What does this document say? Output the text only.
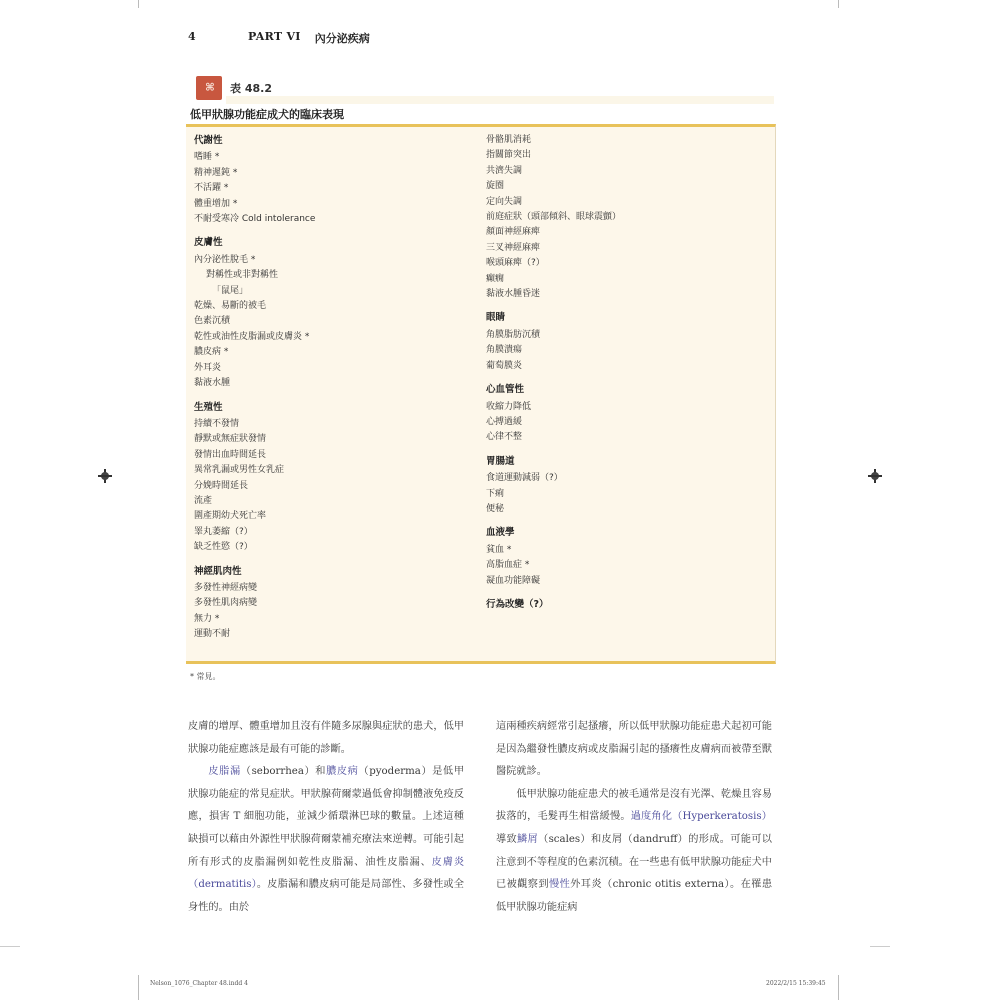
4	PART VI 內分泌疾病
⌘	表 48.2
低甲狀腺功能症成犬的臨床表現
代謝性
嗜睡 *
精神遲鈍 *
不活躍 *
體重增加 *
不耐受寒冷 Cold intolerance
皮膚性
內分泌性脫毛 *
對稱性或非對稱性
「鼠尾」
乾燥、易斷的被毛
色素沉積
乾性或油性皮脂漏或皮膚炎 *
膿皮病 *
外耳炎
黏液水腫
生殖性
持續不發情
靜默或無症狀發情
發情出血時間延長
異常乳漏或男性女乳症
分娩時間延長
流產
圍產期幼犬死亡率
睪丸萎縮（?）
缺乏性慾（?）
神經肌肉性
多發性神經病變
多發性肌肉病變
無力 *
運動不耐
骨骼肌消耗
指關節突出
共濟失調
旋圈
定向失調
前庭症狀（頭部傾斜、眼球震顫）
顏面神經麻痺
三叉神經麻痺
喉頭麻痺（?）
癲癇
黏液水腫昏迷
眼睛
角膜脂肪沉積
角膜潰瘍
葡萄膜炎
心血管性
收縮力降低
心搏過緩
心律不整
胃腸道
食道運動減弱（?）
下痢
便秘
血液學
貧血 *
高脂血症 *
凝血功能障礙
行為改變（?）
* 常見。
皮膚的增厚、體重增加且沒有伴隨多尿腺與症狀的患犬，低甲狀腺功能症應該是最有可能的診斷。
皮脂漏（seborrhea）和膿皮病（pyoderma）是低甲狀腺功能症的常見症狀。甲狀腺荷爾蒙過低會抑制體液免疫反應，損害 T 細胞功能，並減少循環淋巴球的數量。上述這種缺損可以藉由外源性甲狀腺荷爾蒙補充療法來逆轉。可能引起所有形式的皮脂漏例如乾性皮脂漏、油性皮脂漏、皮膚炎（dermatitis）。皮脂漏和膿皮病可能是局部性、多發性或全身性的。由於
這兩種疾病經常引起搔癢，所以低甲狀腺功能症患犬起初可能是因為繼發性膿皮病或皮脂漏引起的搔癢性皮膚病而被帶至獸醫院就診。
低甲狀腺功能症患犬的被毛通常是沒有光澤、乾燥且容易拔落的，毛髮再生相當緩慢。過度角化（Hyperkeratosis）導致鱗屑（scales）和皮屑（dandruff）的形成。可能可以注意到不等程度的色素沉積。在一些患有低甲狀腺功能症犬中已被觀察到慢性外耳炎（chronic otitis externa）。在罹患低甲狀腺功能症病
Nelson_1076_Chapter 48.indd 4	2022/2/15 15:39:45
